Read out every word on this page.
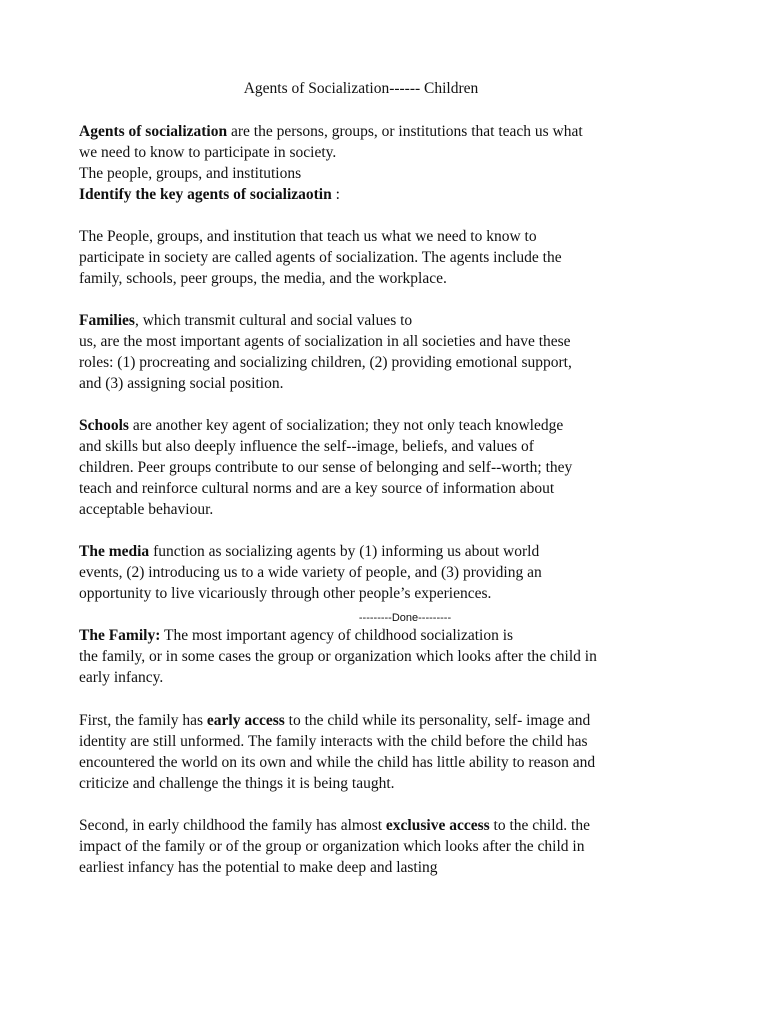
Agents of Socialization------ Children
Agents of socialization are the persons, groups, or institutions that teach us what
we need to know to participate in society.
The people, groups, and institutions
Identify the key agents of socializaotin :
The People, groups, and institution that teach us what we need to know to
participate in society are called agents of socialization. The agents include the
family, schools, peer groups, the media, and the workplace.
Families, which transmit cultural and social values to
us, are the most important agents of socialization in all societies and have these
roles: (1) procreating and socializing children, (2) providing emotional support,
and (3) assigning social position.
Schools are another key agent of socialization; they not only teach knowledge
and skills but also deeply influence the self--image, beliefs, and values of
children. Peer groups contribute to our sense of belonging and self--worth; they
teach and reinforce cultural norms and are a key source of information about
acceptable behaviour.
The media function as socializing agents by (1) informing us about world
events, (2) introducing us to a wide variety of people, and (3) providing an
opportunity to live vicariously through other people’s experiences.
---------Done---------
The Family: The most important agency of childhood socialization is
the family, or in some cases the group or organization which looks after the child in
early infancy.
First, the family has early access to the child while its personality, self- image and
identity are still unformed. The family interacts with the child before the child has
encountered the world on its own and while the child has little ability to reason and
criticize and challenge the things it is being taught.
Second, in early childhood the family has almost exclusive access to the child. the
impact of the family or of the group or organization which looks after the child in
earliest infancy has the potential to make deep and lasting
